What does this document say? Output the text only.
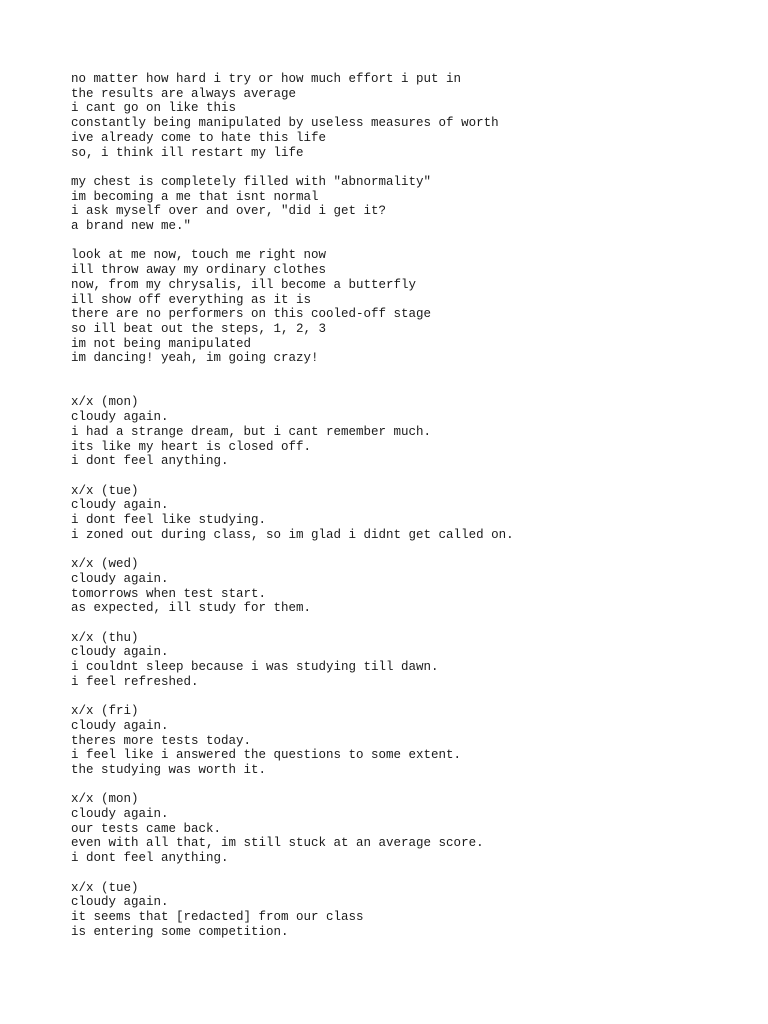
no matter how hard i try or how much effort i put in
the results are always average
i cant go on like this
constantly being manipulated by useless measures of worth
ive already come to hate this life
so, i think ill restart my life
my chest is completely filled with "abnormality"
im becoming a me that isnt normal
i ask myself over and over, "did i get it?
a brand new me."
look at me now, touch me right now
ill throw away my ordinary clothes
now, from my chrysalis, ill become a butterfly
ill show off everything as it is
there are no performers on this cooled-off stage
so ill beat out the steps, 1, 2, 3
im not being manipulated
im dancing! yeah, im going crazy!
x/x (mon)
cloudy again.
i had a strange dream, but i cant remember much.
its like my heart is closed off.
i dont feel anything.
x/x (tue)
cloudy again.
i dont feel like studying.
i zoned out during class, so im glad i didnt get called on.
x/x (wed)
cloudy again.
tomorrows when test start.
as expected, ill study for them.
x/x (thu)
cloudy again.
i couldnt sleep because i was studying till dawn.
i feel refreshed.
x/x (fri)
cloudy again.
theres more tests today.
i feel like i answered the questions to some extent.
the studying was worth it.
x/x (mon)
cloudy again.
our tests came back.
even with all that, im still stuck at an average score.
i dont feel anything.
x/x (tue)
cloudy again.
it seems that [redacted] from our class
is entering some competition.
